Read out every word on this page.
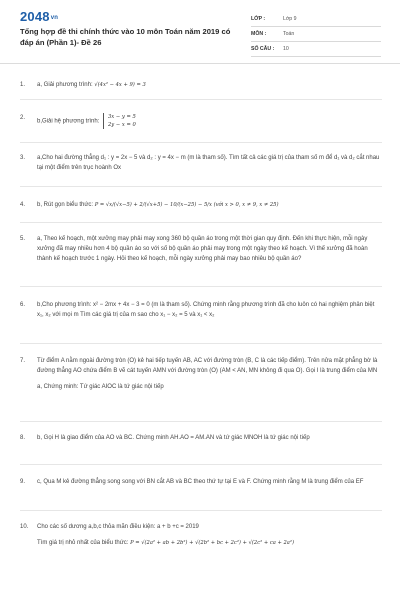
2048vn
Tổng hợp đề thi chính thức vào 10 môn Toán năm 2019 có đáp án (Phần 1)- Đề 26
LỚP :	Lớp 9
MÔN :	Toán
SỐ CÂU :	10
1. a, Giải phương trình: √(4x² − 4x + 9) = 3
2.
b,Giải hệ phương trình:
3x − y = 5
2y − x = 0
3. a,Cho hai đường thẳng d₁ : y = 2x − 5 và d₂ : y = 4x − m (m là tham số). Tìm tất cả các giá trị của tham số m để d₁ và d₂ cắt nhau tại một điểm trên trục hoành Ox
4. b, Rút gọn biểu thức: P = √x/(√x−5) + 2/(√x+5) − 10/(x−25) − 5/x (với x > 0, x ≠ 9, x ≠ 25)
5. a, Theo kế hoạch, một xưởng may phải may xong 360 bộ quần áo trong một thời gian quy định. Đến khi thực hiện, mỗi ngày xưởng đã may nhiều hơn 4 bộ quần áo so với số bộ quần áo phải may trong một ngày theo kế hoạch. Vì thế xưởng đã hoàn thành kế hoạch trước 1 ngày. Hỏi theo kế hoạch, mỗi ngày xưởng phải may bao nhiêu bộ quần áo?
6. b,Cho phương trình: x² − 2mx + 4x − 3 = 0 (m là tham số). Chứng minh rằng phương trình đã cho luôn có hai nghiệm phân biệt x₁, x₂ với mọi m Tìm các giá trị của m sao cho x₁ − x₂ = 5 và x₁ < x₂
7. Từ điểm A nằm ngoài đường tròn (O) kẻ hai tiếp tuyến AB, AC với đường tròn (B, C là các tiếp điểm). Trên nửa mặt phẳng bờ là đường thẳng AO chứa điểm B vẽ cát tuyến AMN với đường tròn (O) (AM < AN, MN không đi qua O). Gọi I là trung điểm của MN
a, Chứng minh: Tứ giác AIOC là tứ giác nội tiếp
8. b, Gọi H là giao điểm của AO và BC. Chứng minh AH.AO = AM.AN và tứ giác MNOH là tứ giác nội tiếp
9. c, Qua M kẻ đường thẳng song song với BN cắt AB và BC theo thứ tự tại E và F. Chứng minh rằng M là trung điểm của EF
10. Cho các số dương a,b,c thỏa mãn điều kiện: a + b +c = 2019
Tìm giá trị nhỏ nhất của biểu thức: P = √(2a² + ab + 2b²) + √(2b² + bc + 2c²) + √(2c² + ca + 2a²)
